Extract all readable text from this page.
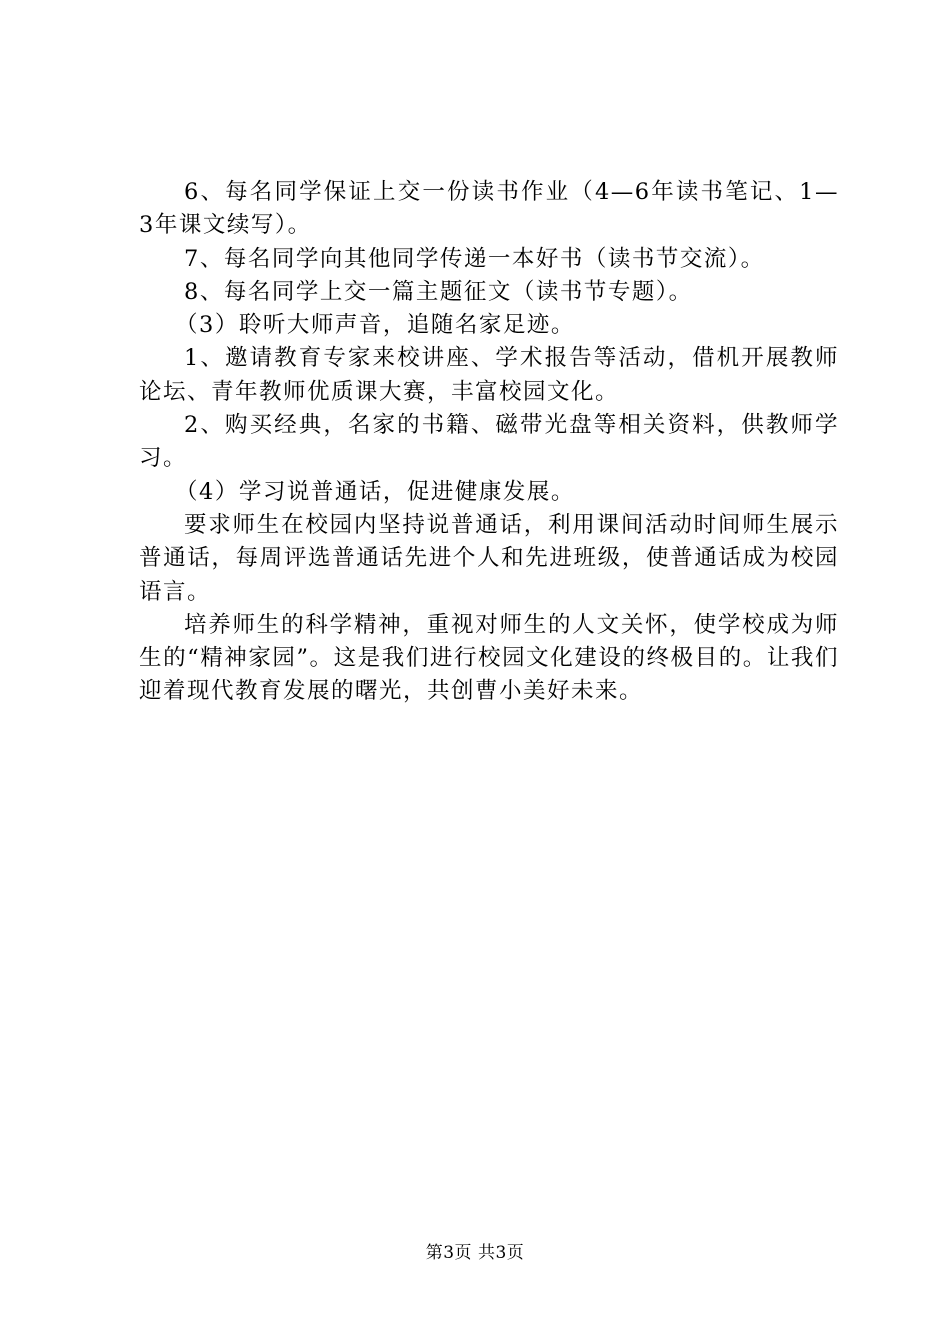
6、每名同学保证上交一份读书作业（4—6年读书笔记、1—3年课文续写）。

7、每名同学向其他同学传递一本好书（读书节交流）。

8、每名同学上交一篇主题征文（读书节专题）。

（3）聆听大师声音，追随名家足迹。

1、邀请教育专家来校讲座、学术报告等活动，借机开展教师论坛、青年教师优质课大赛，丰富校园文化。

2、购买经典，名家的书籍、磁带光盘等相关资料，供教师学习。

（4）学习说普通话，促进健康发展。

要求师生在校园内坚持说普通话，利用课间活动时间师生展示普通话，每周评选普通话先进个人和先进班级，使普通话成为校园语言。

培养师生的科学精神，重视对师生的人文关怀，使学校成为师生的“精神家园”。这是我们进行校园文化建设的终极目的。让我们迎着现代教育发展的曙光，共创曹小美好未来。

第3页 共3页
